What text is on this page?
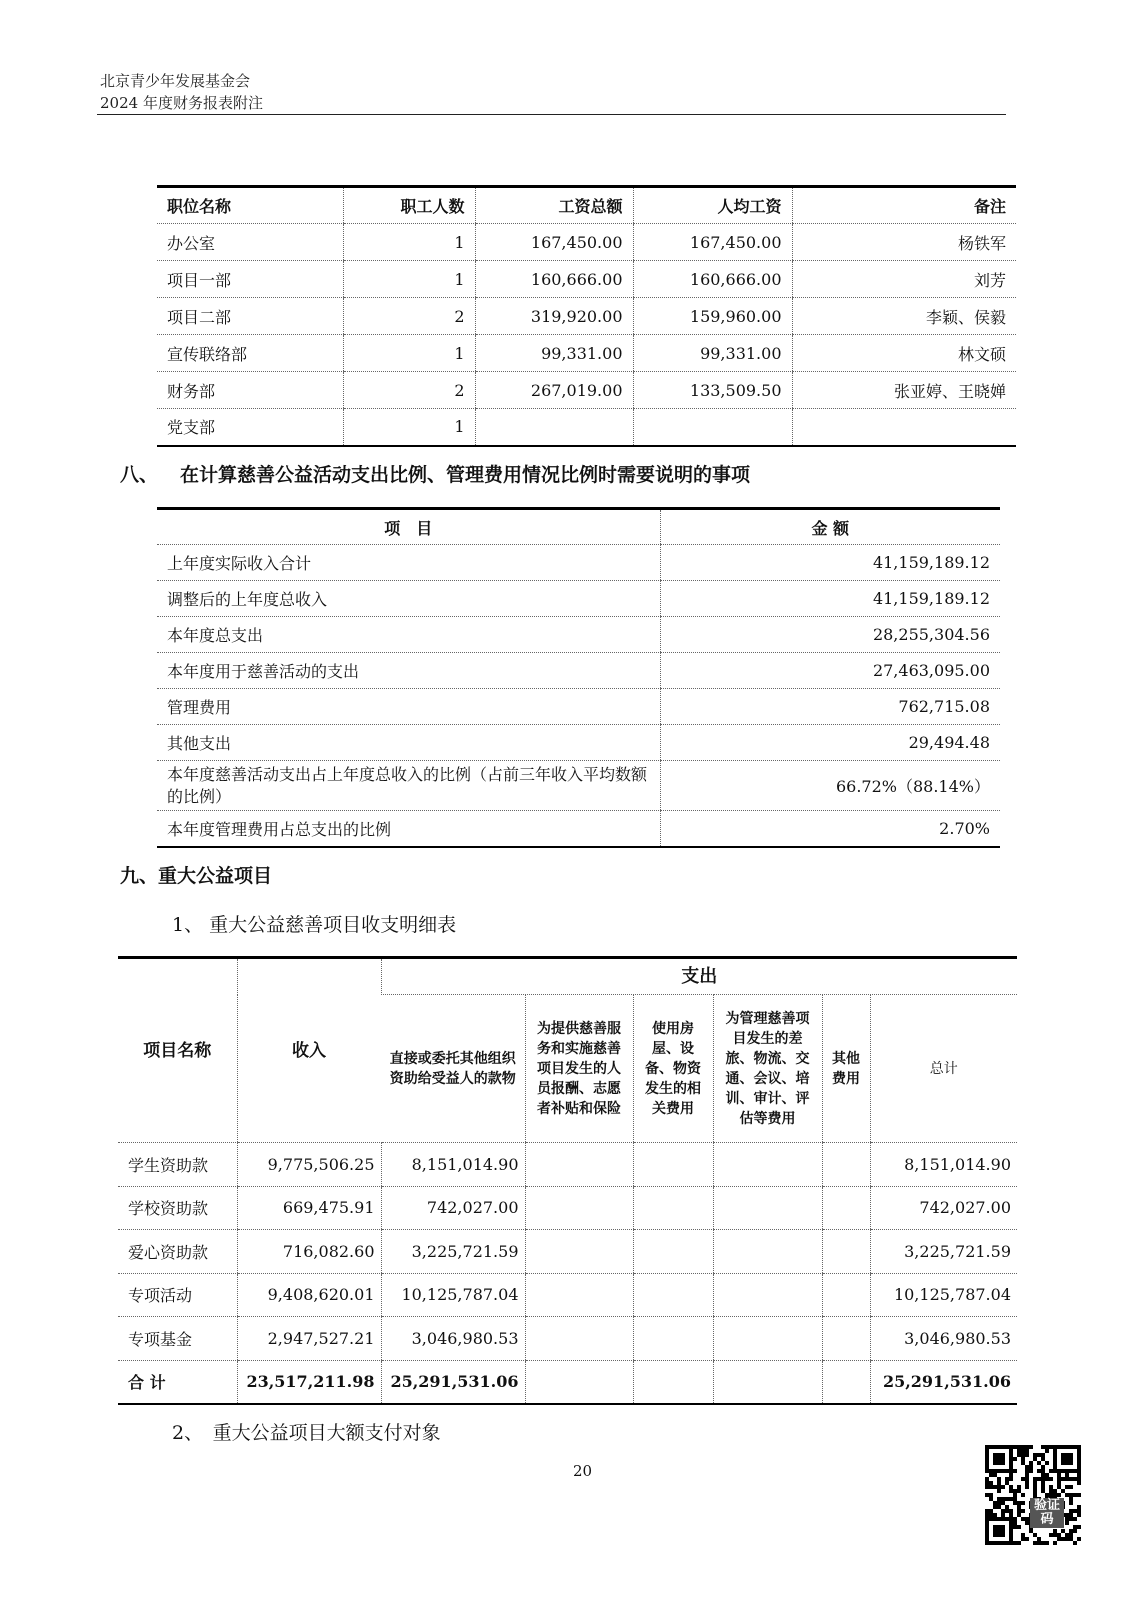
北京青少年发展基金会
2024 年度财务报表附注
职位名称	职工人数	工资总额	人均工资	备注
办公室	1	167,450.00	167,450.00	杨铁军
项目一部	1	160,666.00	160,666.00	刘芳
项目二部	2	319,920.00	159,960.00	李颖、侯毅
宣传联络部	1	99,331.00	99,331.00	林文硕
财务部	2	267,019.00	133,509.50	张亚婷、王晓婵
党支部	1			
八、 在计算慈善公益活动支出比例、管理费用情况比例时需要说明的事项
项　目	金 额
上年度实际收入合计	41,159,189.12
调整后的上年度总收入	41,159,189.12
本年度总支出	28,255,304.56
本年度用于慈善活动的支出	27,463,095.00
管理费用	762,715.08
其他支出	29,494.48
本年度慈善活动支出占上年度总收入的比例（占前三年收入平均数额的比例）	66.72%（88.14%）
本年度管理费用占总支出的比例	2.70%
九、重大公益项目
1、 重大公益慈善项目收支明细表
项目名称	收入	支出					
		直接或委托其他组织资助给受益人的款物	为提供慈善服务和实施慈善项目发生的人员报酬、志愿者补贴和保险	使用房屋、设备、物资发生的相关费用	为管理慈善项目发生的差旅、物流、交通、会议、培训、审计、评估等费用	其他费用	总计
学生资助款	9,775,506.25	8,151,014.90					8,151,014.90
学校资助款	669,475.91	742,027.00					742,027.00
爱心资助款	716,082.60	3,225,721.59					3,225,721.59
专项活动	9,408,620.01	10,125,787.04					10,125,787.04
专项基金	2,947,527.21	3,046,980.53					3,046,980.53
合 计	23,517,211.98	25,291,531.06					25,291,531.06
2、　重大公益项目大额支付对象
20
验证码
